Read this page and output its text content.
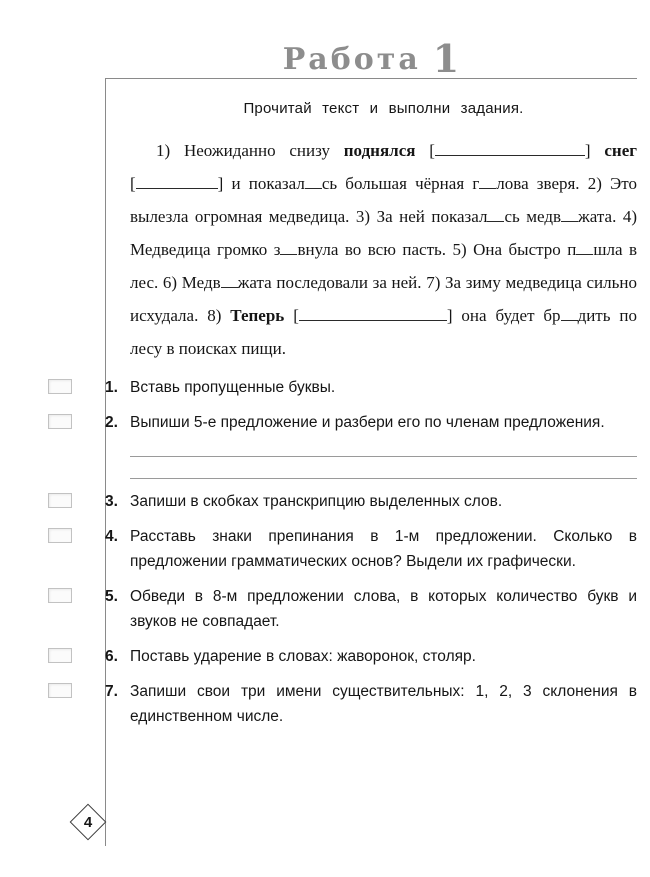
Работа 1
Прочитай текст и выполни задания.
1) Неожиданно снизу поднялся [	] снег [	] и показал сь большая чёрная г лова зверя. 2) Это вылезла огромная медведица. 3) За ней показал сь медв жата. 4) Медведица громко з внула во всю пасть. 5) Она быстро п шла в лес. 6) Медв жата последовали за ней. 7) За зиму медведица сильно исхудала. 8) Теперь [	] она будет бр дить по лесу в поисках пищи.
1. Вставь пропущенные буквы.
2. Выпиши 5-е предложение и разбери его по членам предложения.
3. Запиши в скобках транскрипцию выделенных слов.
4. Расставь знаки препинания в 1-м предложении. Сколько в предложении грамматических основ? Выдели их графически.
5. Обведи в 8-м предложении слова, в которых количество букв и звуков не совпадает.
6. Поставь ударение в словах: жаворонок, столяр.
7. Запиши свои три имени существительных: 1, 2, 3 склонения в единственном числе.
4
